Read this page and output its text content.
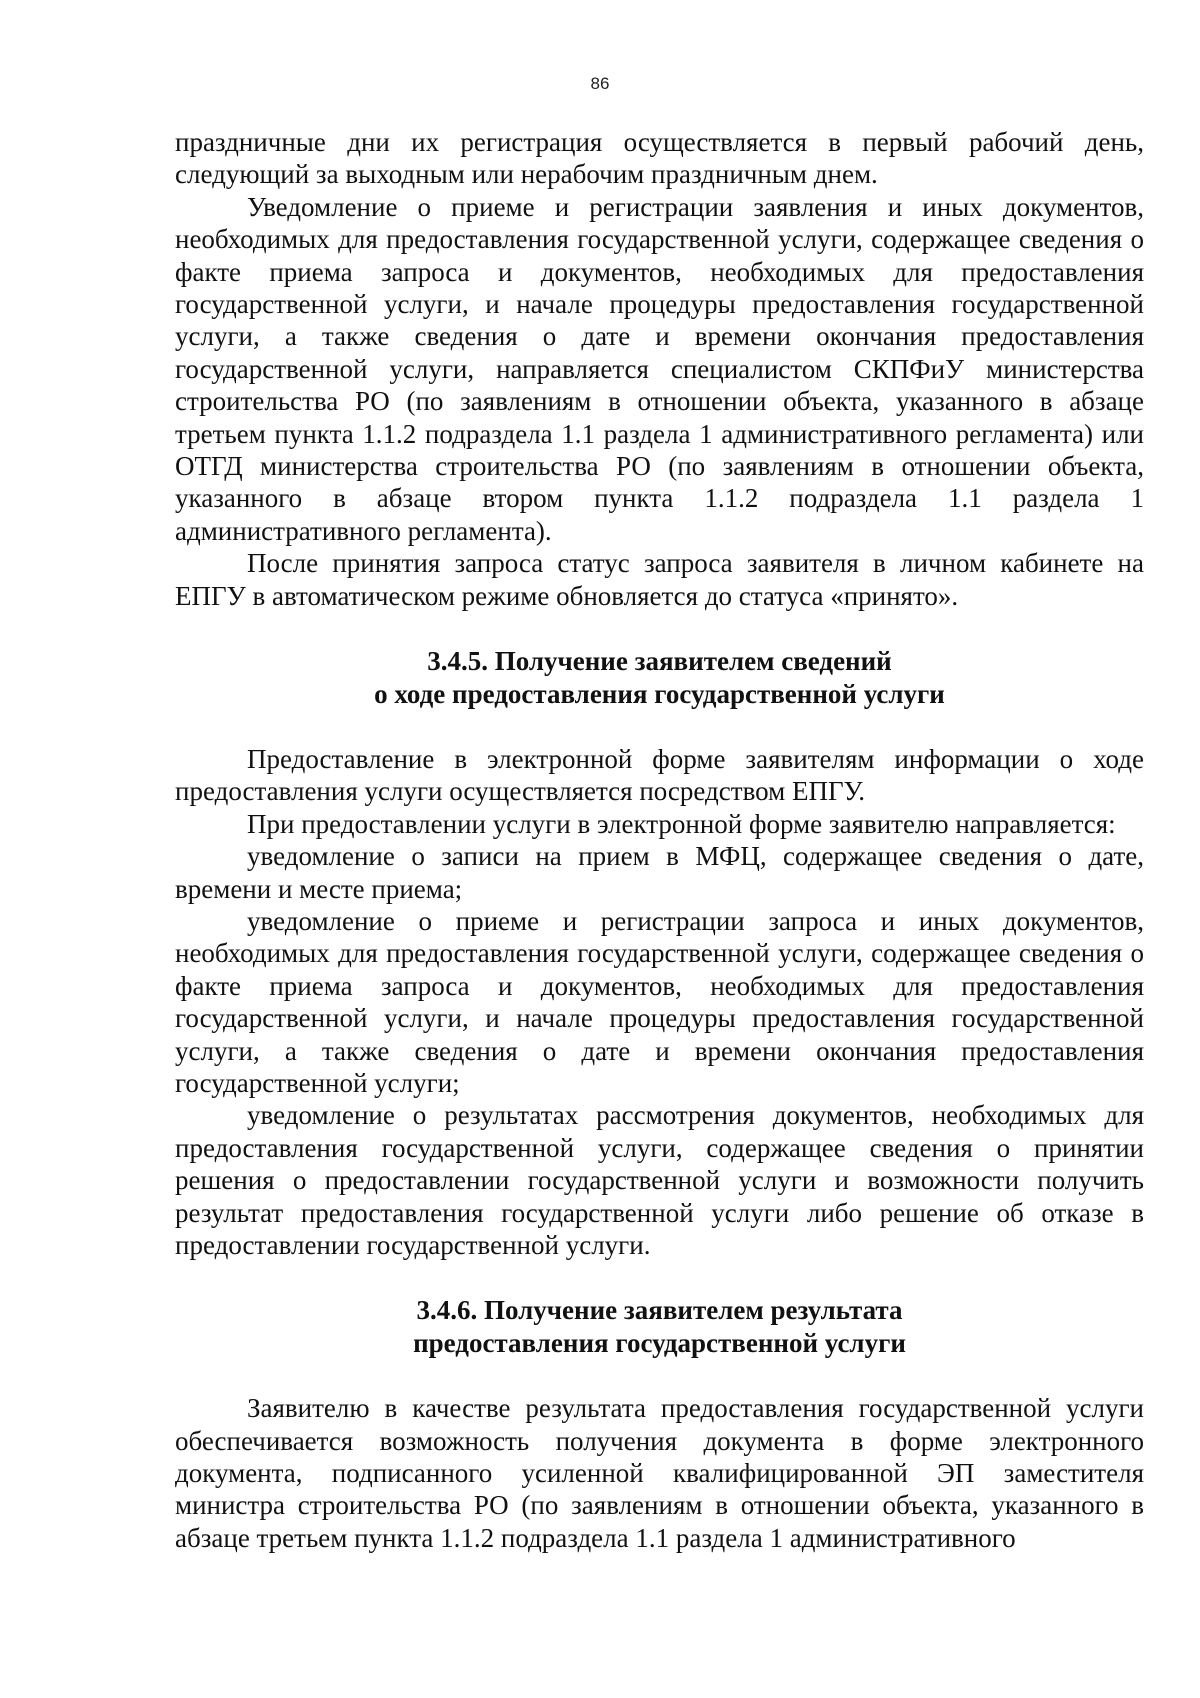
86

праздничные дни их регистрация осуществляется в первый рабочий день, следующий за выходным или нерабочим праздничным днем.

Уведомление о приеме и регистрации заявления и иных документов, необходимых для предоставления государственной услуги, содержащее сведения о факте приема запроса и документов, необходимых для предоставления государственной услуги, и начале процедуры предоставления государственной услуги, а также сведения о дате и времени окончания предоставления государственной услуги, направляется специалистом СКПФиУ министерства строительства РО (по заявлениям в отношении объекта, указанного в абзаце третьем пункта 1.1.2 подраздела 1.1 раздела 1 административного регламента) или ОТГД министерства строительства РО (по заявлениям в отношении объекта, указанного в абзаце втором пункта 1.1.2 подраздела 1.1 раздела 1 административного регламента).

После принятия запроса статус запроса заявителя в личном кабинете на ЕПГУ в автоматическом режиме обновляется до статуса «принято».

3.4.5. Получение заявителем сведений

о ходе предоставления государственной услуги

Предоставление в электронной форме заявителям информации о ходе предоставления услуги осуществляется посредством ЕПГУ.

При предоставлении услуги в электронной форме заявителю направляется:

уведомление о записи на прием в МФЦ, содержащее сведения о дате, времени и месте приема;

уведомление о приеме и регистрации запроса и иных документов, необходимых для предоставления государственной услуги, содержащее сведения о факте приема запроса и документов, необходимых для предоставления государственной услуги, и начале процедуры предоставления государственной услуги, а также сведения о дате и времени окончания предоставления государственной услуги;

уведомление о результатах рассмотрения документов, необходимых для предоставления государственной услуги, содержащее сведения о принятии решения о предоставлении государственной услуги и возможности получить результат предоставления государственной услуги либо решение об отказе в предоставлении государственной услуги.

3.4.6. Получение заявителем результата

предоставления государственной услуги

Заявителю в качестве результата предоставления государственной услуги обеспечивается возможность получения документа в форме электронного документа, подписанного усиленной квалифицированной ЭП заместителя министра строительства РО (по заявлениям в отношении объекта, указанного в абзаце третьем пункта 1.1.2 подраздела 1.1 раздела 1 административного
